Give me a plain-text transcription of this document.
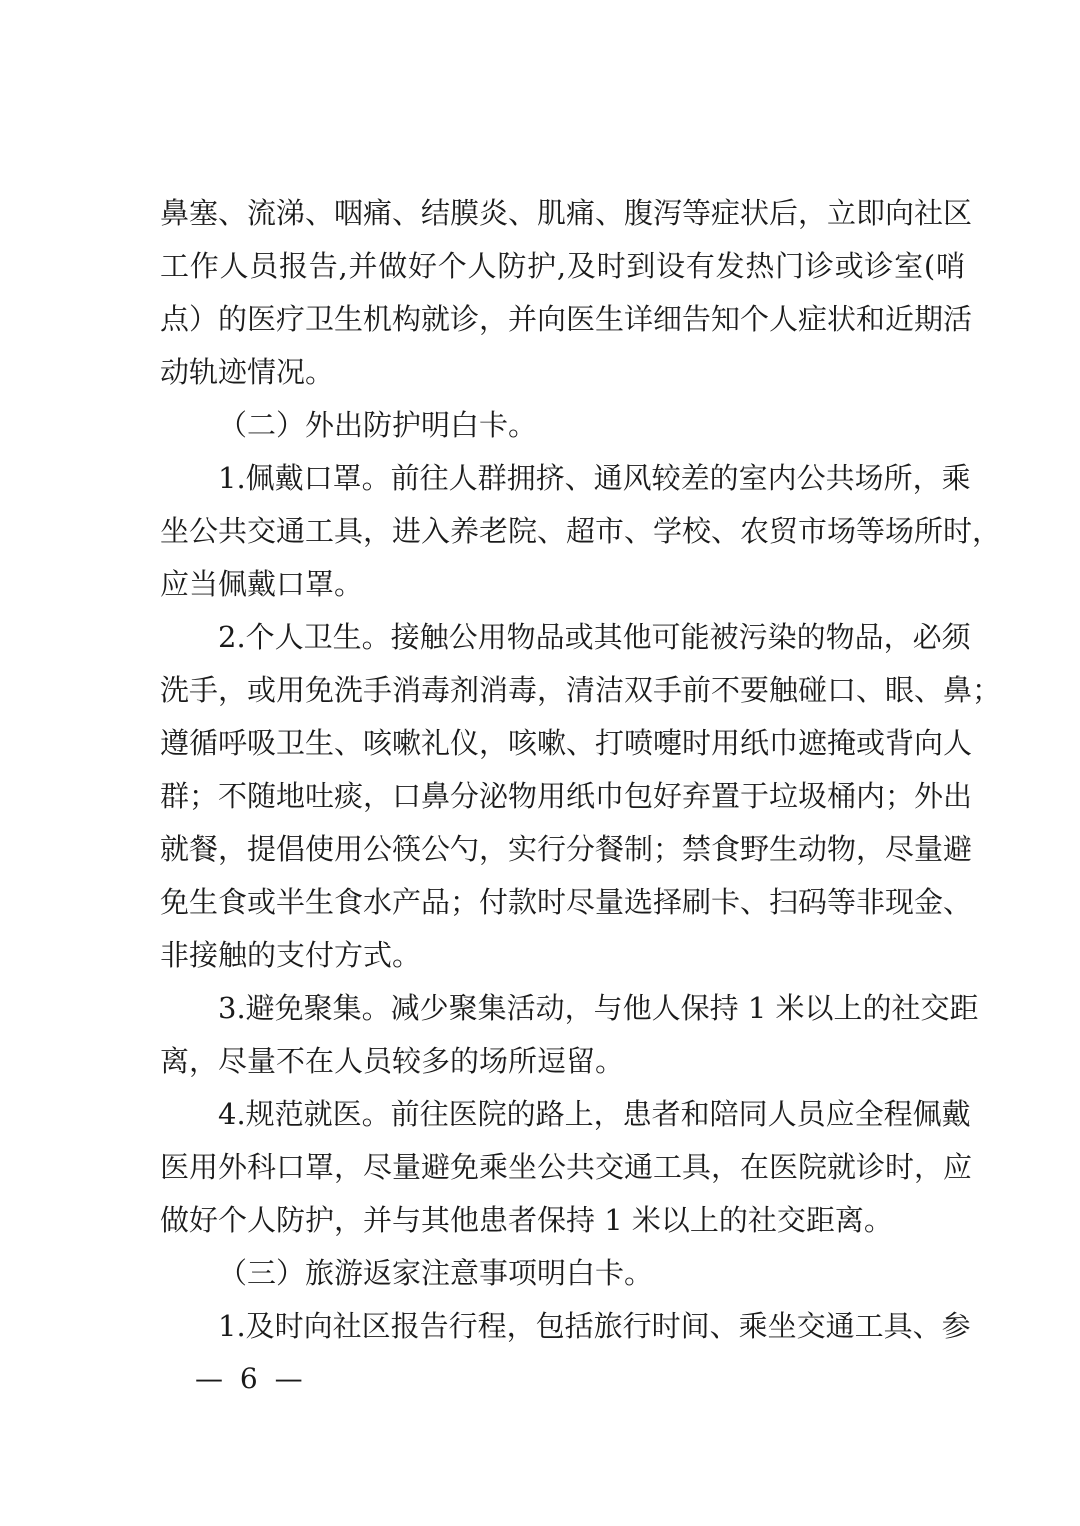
鼻塞、流涕、咽痛、结膜炎、肌痛、腹泻等症状后，立即向社区
工作人员报告,并做好个人防护,及时到设有发热门诊或诊室(哨
点）的医疗卫生机构就诊，并向医生详细告知个人症状和近期活
动轨迹情况。
（二）外出防护明白卡。
1.佩戴口罩。前往人群拥挤、通风较差的室内公共场所，乘
坐公共交通工具，进入养老院、超市、学校、农贸市场等场所时，
应当佩戴口罩。
2.个人卫生。接触公用物品或其他可能被污染的物品，必须
洗手，或用免洗手消毒剂消毒，清洁双手前不要触碰口、眼、鼻；
遵循呼吸卫生、咳嗽礼仪，咳嗽、打喷嚏时用纸巾遮掩或背向人
群；不随地吐痰，口鼻分泌物用纸巾包好弃置于垃圾桶内；外出
就餐，提倡使用公筷公勺，实行分餐制；禁食野生动物，尽量避
免生食或半生食水产品；付款时尽量选择刷卡、扫码等非现金、
非接触的支付方式。
3.避免聚集。减少聚集活动，与他人保持 1 米以上的社交距
离，尽量不在人员较多的场所逗留。
4.规范就医。前往医院的路上，患者和陪同人员应全程佩戴
医用外科口罩，尽量避免乘坐公共交通工具，在医院就诊时，应
做好个人防护，并与其他患者保持 1 米以上的社交距离。
（三）旅游返家注意事项明白卡。
1.及时向社区报告行程，包括旅行时间、乘坐交通工具、参
— 6 —
